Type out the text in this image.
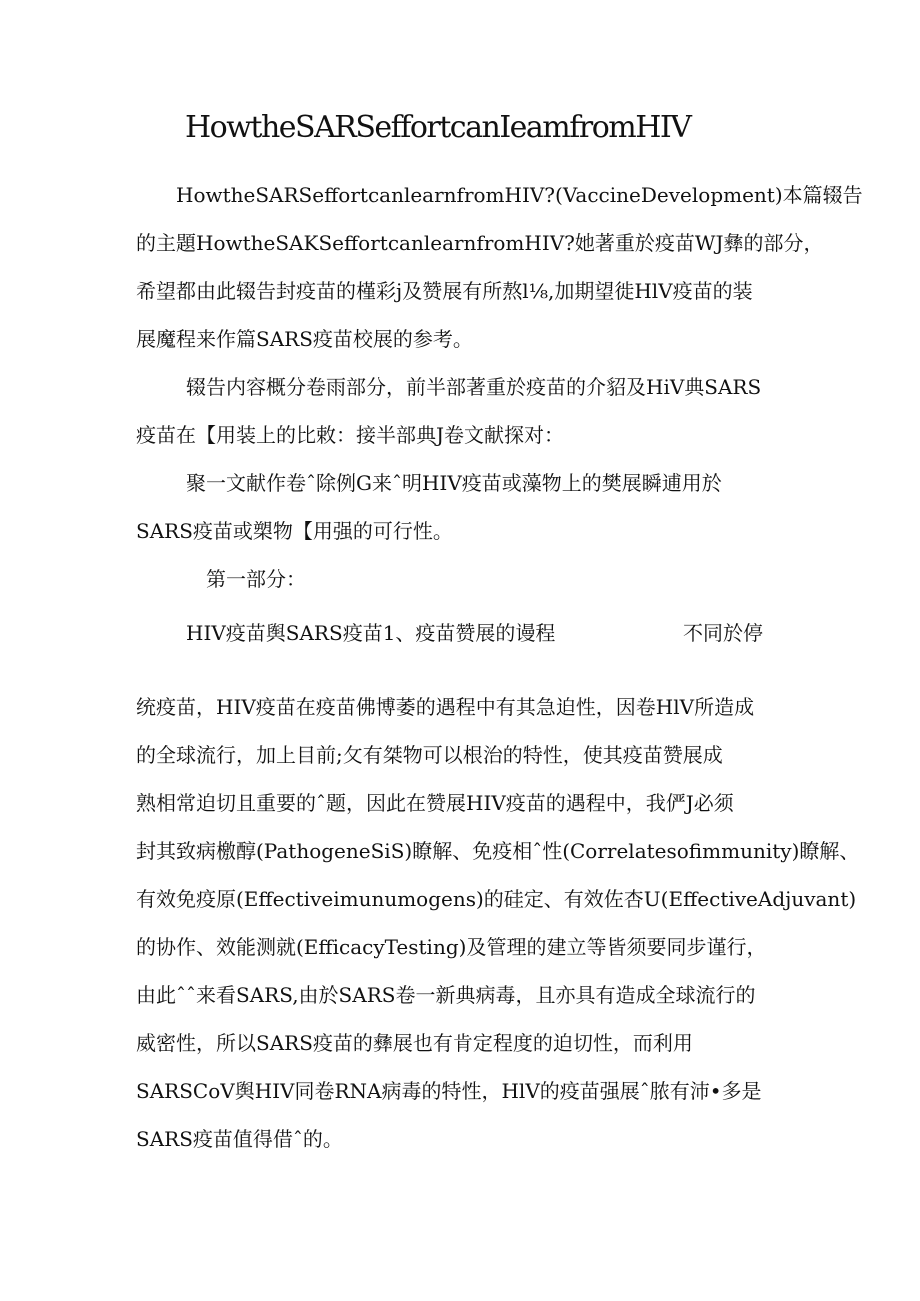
HowtheSARSeffortcanIeamfromHIV
HowtheSARSeffortcanlearnfromHIV?(VaccineDevelopment)本篇辍告
的主題HowtheSAKSeffortcanlearnfromHIV?她著重於疫苗WJ彝的部分，
希望都由此辍告封疫苗的槿彩j及赞展有所熬l⅛,加期望徙HlV疫苗的装
展魔程来作篇SARS疫苗校展的参考。
辍告内容概分卷雨部分，前半部著重於疫苗的介貂及HiV典SARS
疫苗在【用装上的比敕：接半部典J卷文献探对：
聚一文献作卷ˆ除例G来ˆ明HIV疫苗或藻物上的樊展瞬逋用於
SARS疫苗或槊物【用强的可行性。
第一部分：
HIV疫苗舆SARS疫苗1、疫苗赞展的谩程	不同於停
统疫苗，HIV疫苗在疫苗佛博萎的遇程中有其急迫性，因卷HlV所造成
的全球流行，加上目前;攵有桀物可以根治的特性，使其疫苗赞展成
熟相常迫切且重要的ˆ题，因此在赞展HIV疫苗的遇程中，我俨J必须
封其致病檄醇(PathogeneSiS)瞭解、免疫相ˆ性(Correlatesofimmunity)瞭解、
有效免疫原(Effectiveimunumogens)的硅定、有效佐杏U(EffectiveAdjuvant)
的协作、效能测就(EfficacyTesting)及管理的建立等皆须要同步谨行，
由此ˆˆ来看SARS,由於SARS卷一新典病毒，且亦具有造成全球流行的
威密性，所以SARS疫苗的彝展也有肯定程度的迫切性，而利用
SARSCoV舆HIV同卷RNA病毒的特性，HlV的疫苗强展ˆ脓有沛•多是
SARS疫苗值得借ˆ的。
